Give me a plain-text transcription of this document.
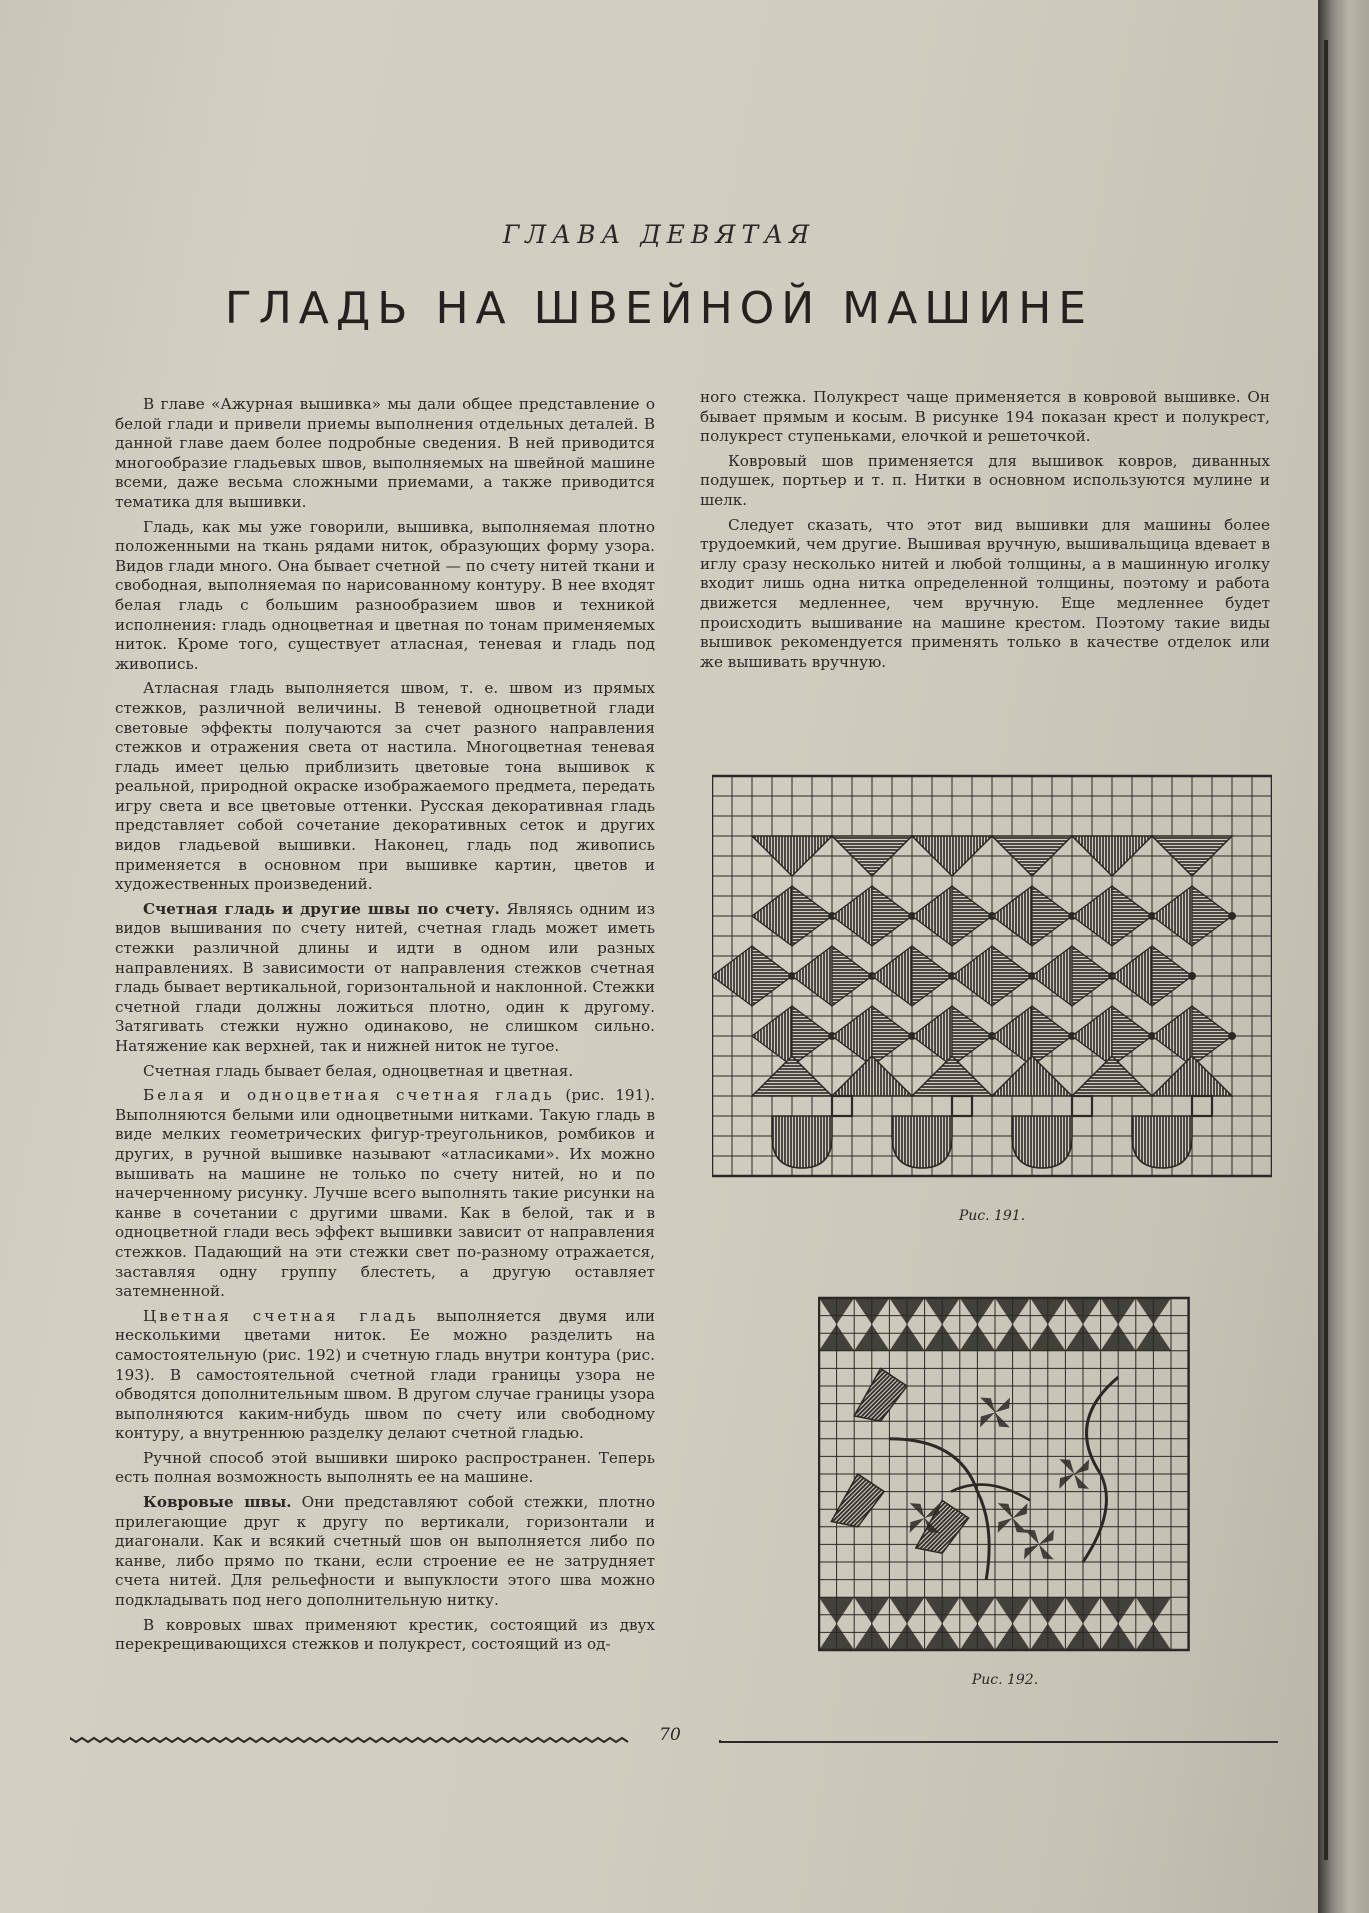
ГЛАВА ДЕВЯТАЯ
ГЛАДЬ НА ШВЕЙНОЙ МАШИНЕ

В главе «Ажурная вышивка» мы дали общее представление о белой глади и привели приемы выполнения отдельных деталей. В данной главе даем более подробные сведения. В ней приводится многообразие гладьевых швов, выполняемых на швейной машине всеми, даже весьма сложными приемами, а также приводится тематика для вышивки.

Гладь, как мы уже говорили, вышивка, выполняемая плотно положенными на ткань рядами ниток, образующих форму узора. Видов глади много. Она бывает счетной — по счету нитей ткани и свободная, выполняемая по нарисованному контуру. В нее входят белая гладь с большим разнообразием швов и техникой исполнения: гладь одноцветная и цветная по тонам применяемых ниток. Кроме того, существует атласная, теневая и гладь под живопись.

Атласная гладь выполняется швом, т. е. швом из прямых стежков, различной величины. В теневой одноцветной глади световые эффекты получаются за счет разного направления стежков и отражения света от настила. Многоцветная теневая гладь имеет целью приблизить цветовые тона вышивок к реальной, природной окраске изображаемого предмета, передать игру света и все цветовые оттенки. Русская декоративная гладь представляет собой сочетание декоративных сеток и других видов гладьевой вышивки. Наконец, гладь под живопись применяется в основном при вышивке картин, цветов и художественных произведений.

Счетная гладь и другие швы по счету. Являясь одним из видов вышивания по счету нитей, счетная гладь может иметь стежки различной длины и идти в одном или разных направлениях. В зависимости от направления стежков счетная гладь бывает вертикальной, горизонтальной и наклонной. Стежки счетной глади должны ложиться плотно, один к другому. Затягивать стежки нужно одинаково, не слишком сильно. Натяжение как верхней, так и нижней ниток не тугое.

Счетная гладь бывает белая, одноцветная и цветная.

Белая и одноцветная счетная гладь (рис. 191). Выполняются белыми или одноцветными нитками. Такую гладь в виде мелких геометрических фигур-треугольников, ромбиков и других, в ручной вышивке называют «атласиками». Их можно вышивать на машине не только по счету нитей, но и по начерченному рисунку. Лучше всего выполнять такие рисунки на канве в сочетании с другими швами. Как в белой, так и в одноцветной глади весь эффект вышивки зависит от направления стежков. Падающий на эти стежки свет по-разному отражается, заставляя одну группу блестеть, а другую оставляет затемненной.

Цветная счетная гладь выполняется двумя или несколькими цветами ниток. Ее можно разделить на самостоятельную (рис. 192) и счетную гладь внутри контура (рис. 193). В самостоятельной счетной глади границы узора не обводятся дополнительным швом. В другом случае границы узора выполняются каким-нибудь швом по счету или свободному контуру, а внутреннюю разделку делают счетной гладью.

Ручной способ этой вышивки широко распространен. Теперь есть полная возможность выполнять ее на машине.

Ковровые швы. Они представляют собой стежки, плотно прилегающие друг к другу по вертикали, горизонтали и диагонали. Как и всякий счетный шов он выполняется либо по канве, либо прямо по ткани, если строение ее не затрудняет счета нитей. Для рельефности и выпуклости этого шва можно подкладывать под него дополнительную нитку.

В ковровых швах применяют крестик, состоящий из двух перекрещивающихся стежков и полукрест, состоящий из од-

ного стежка. Полукрест чаще применяется в ковровой вышивке. Он бывает прямым и косым. В рисунке 194 показан крест и полукрест, полукрест ступеньками, елочкой и решеточкой.

Ковровый шов применяется для вышивок ковров, диванных подушек, портьер и т. п. Нитки в основном используются мулине и шелк.

Следует сказать, что этот вид вышивки для машины более трудоемкий, чем другие. Вышивая вручную, вышивальщица вдевает в иглу сразу несколько нитей и любой толщины, а в машинную иголку входит лишь одна нитка определенной толщины, поэтому и работа движется медленнее, чем вручную. Еще медленнее будет происходить вышивание на машине крестом. Поэтому такие виды вышивок рекомендуется применять только в качестве отделок или же вышивать вручную.

Рис. 191.
Рис. 192.
70
